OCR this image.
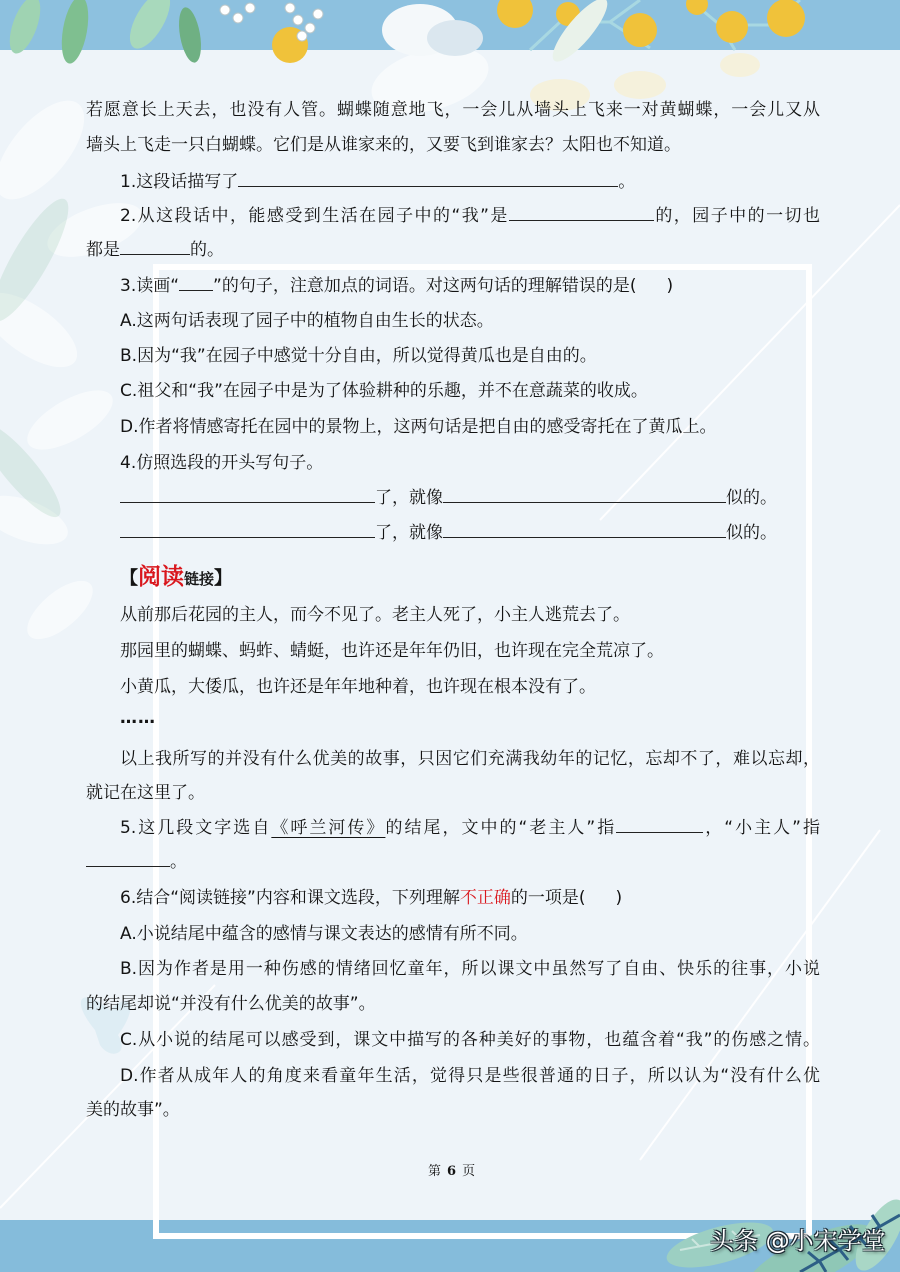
若愿意长上天去，也没有人管。蝴蝶随意地飞，一会儿从墙头上飞来一对黄蝴蝶，一会儿又从
墙头上飞走一只白蝴蝶。它们是从谁家来的，又要飞到谁家去？太阳也不知道。
1.这段话描写了	。
2.从这段话中，能感受到生活在园子中的“我”是	的，园子中的一切也
都是	的。
3.读画“ ”的句子，注意加点的词语。对这两句话的理解错误的是( )
A.这两句话表现了园子中的植物自由生长的状态。
B.因为“我”在园子中感觉十分自由，所以觉得黄瓜也是自由的。
C.祖父和“我”在园子中是为了体验耕种的乐趣，并不在意蔬菜的收成。
D.作者将情感寄托在园中的景物上，这两句话是把自由的感受寄托在了黄瓜上。
4.仿照选段的开头写句子。
了，就像	似的。
了，就像	似的。
【阅读链接】
从前那后花园的主人，而今不见了。老主人死了，小主人逃荒去了。
那园里的蝴蝶、蚂蚱、蜻蜓，也许还是年年仍旧，也许现在完全荒凉了。
小黄瓜，大倭瓜，也许还是年年地种着，也许现在根本没有了。
……
以上我所写的并没有什么优美的故事，只因它们充满我幼年的记忆，忘却不了，难以忘却，
就记在这里了。
5.这几段文字选自《呼兰河传》的结尾，文中的“老主人”指	，“小主人”指
。
6.结合“阅读链接”内容和课文选段，下列理解不正确的一项是( )
A.小说结尾中蕴含的感情与课文表达的感情有所不同。
B.因为作者是用一种伤感的情绪回忆童年，所以课文中虽然写了自由、快乐的往事，小说
的结尾却说“并没有什么优美的故事”。
C.从小说的结尾可以感受到，课文中描写的各种美好的事物，也蕴含着“我”的伤感之情。
D.作者从成年人的角度来看童年生活，觉得只是些很普通的日子，所以认为“没有什么优
美的故事”。
第 6 页
头条 @小宋学堂
